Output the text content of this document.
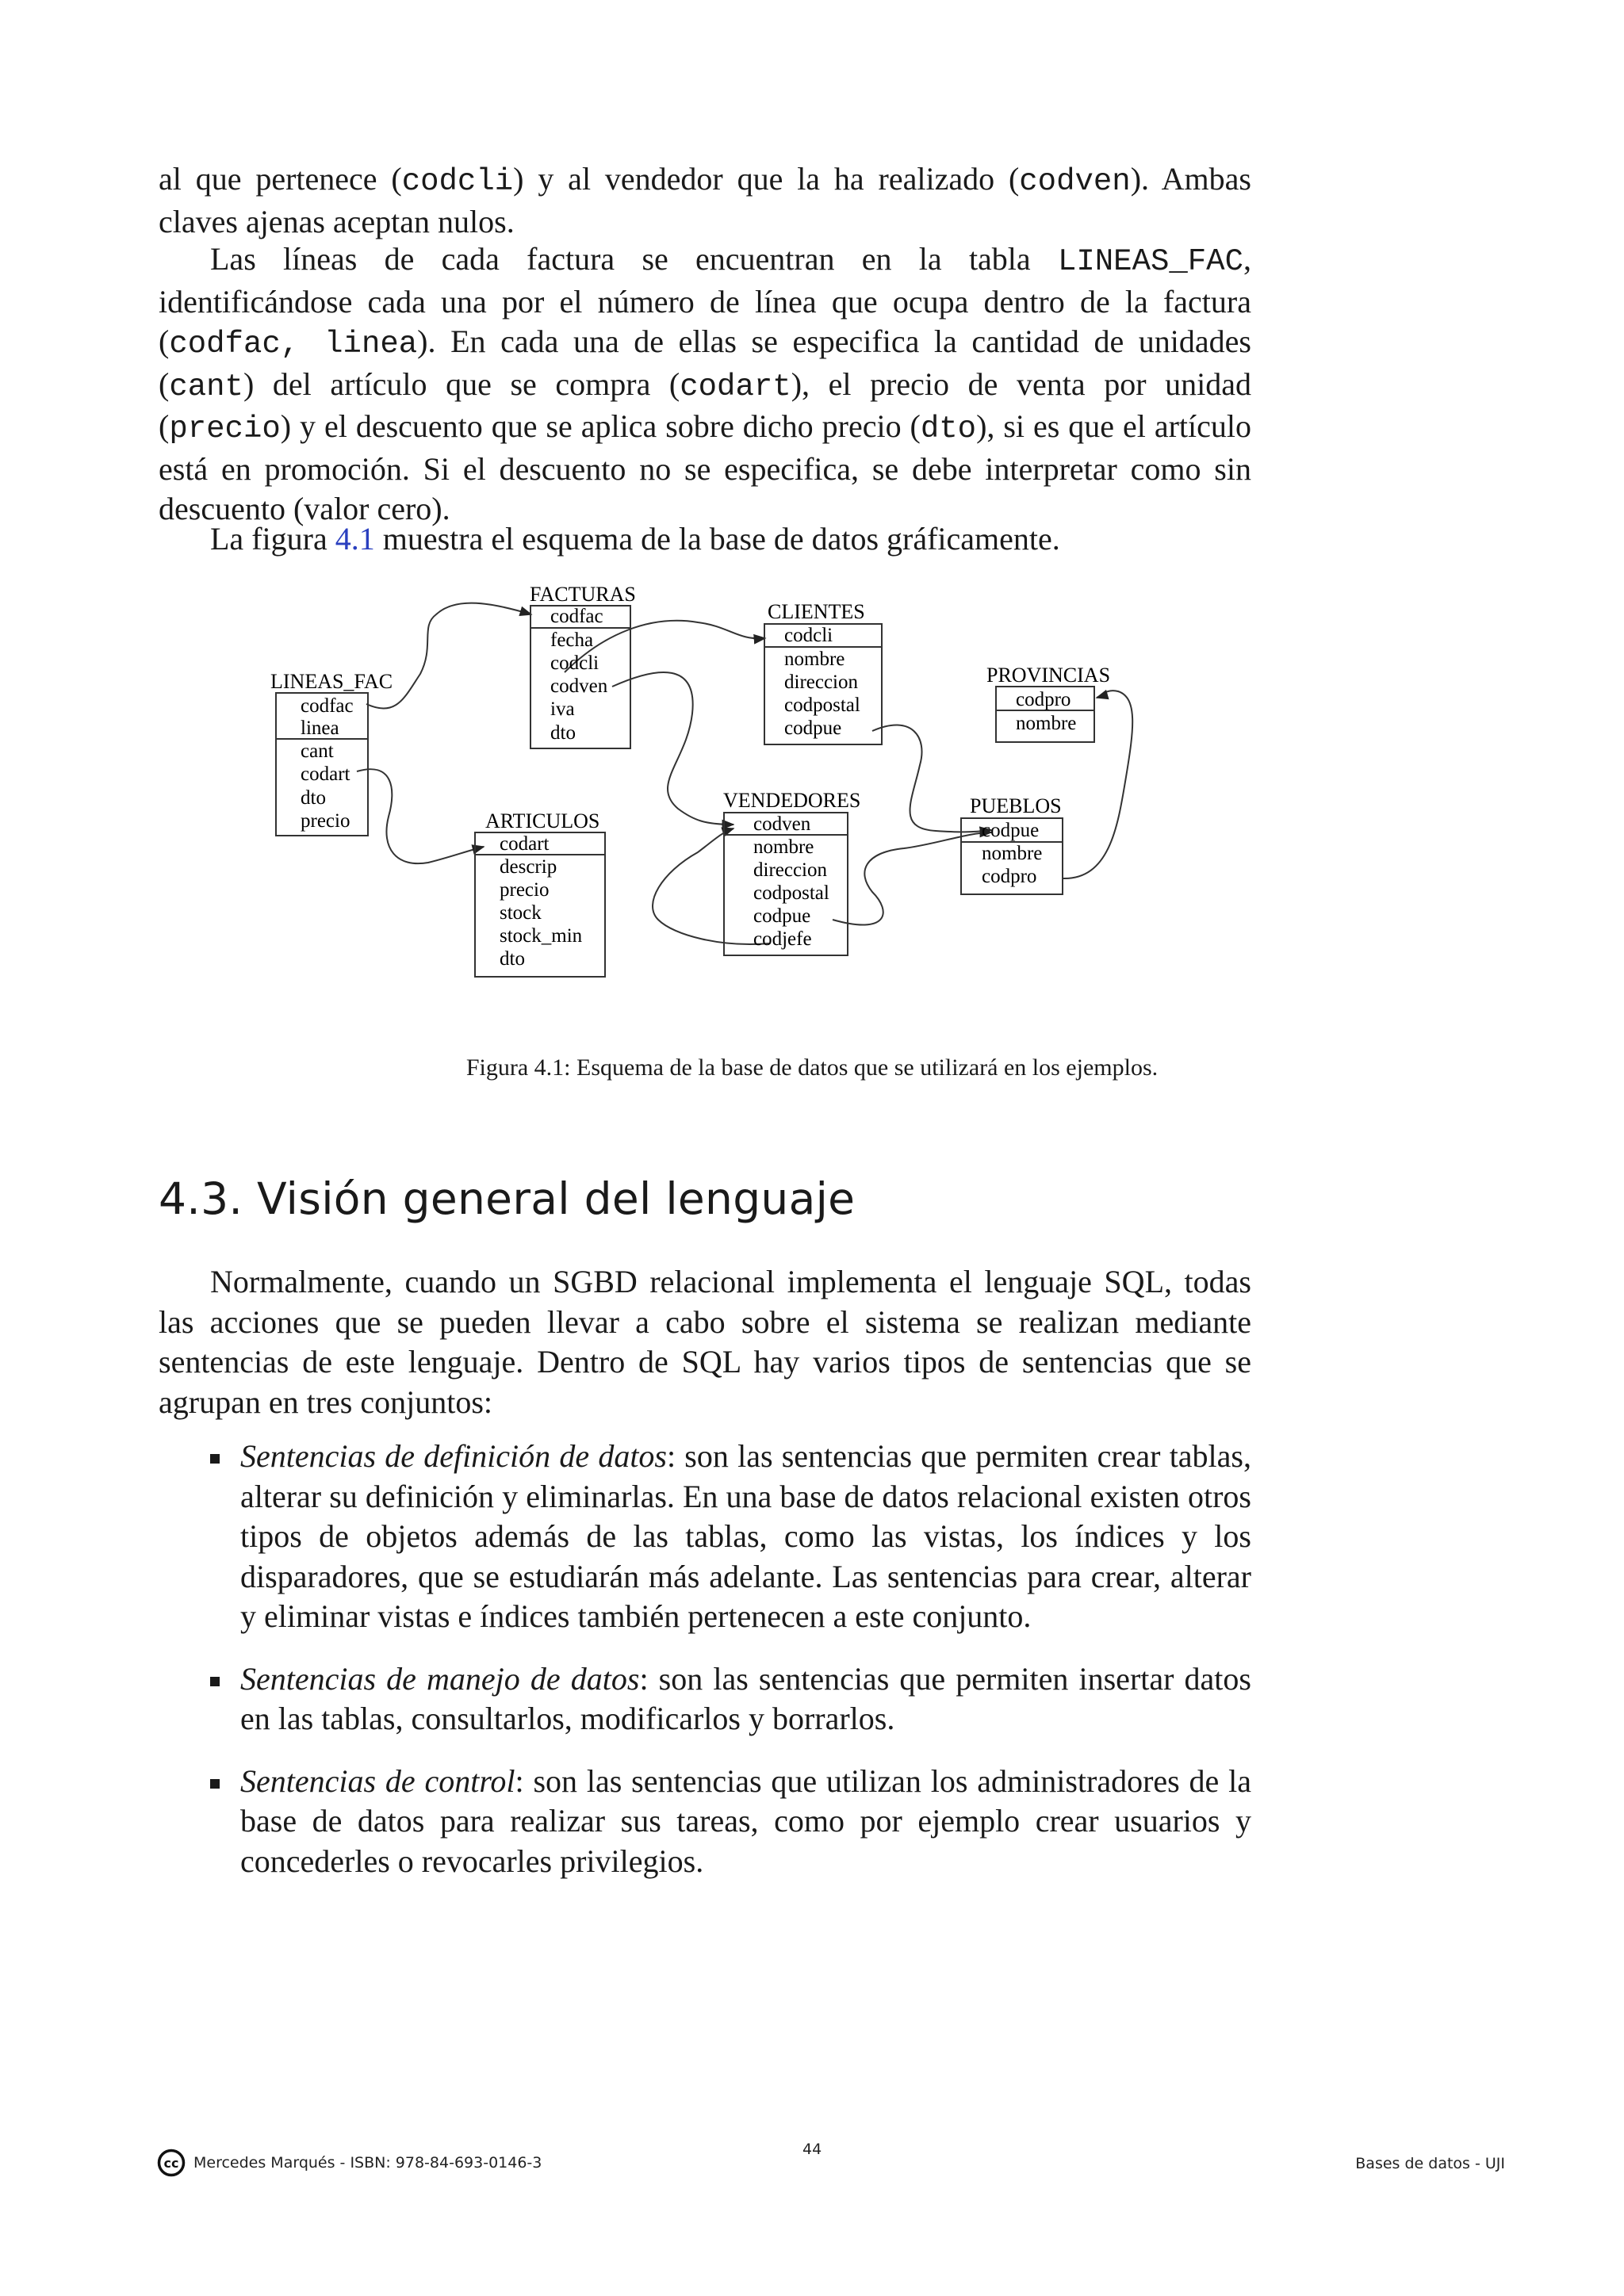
al que pertenece (codcli) y al vendedor que la ha realizado (codven). Ambas claves ajenas aceptan nulos.

Las líneas de cada factura se encuentran en la tabla LINEAS_FAC, identificándose cada una por el número de línea que ocupa dentro de la factura (codfac, linea). En cada una de ellas se especifica la cantidad de unidades (cant) del artículo que se compra (codart), el precio de venta por unidad (precio) y el descuento que se aplica sobre dicho precio (dto), si es que el artículo está en promoción. Si el descuento no se especifica, se debe interpretar como sin descuento (valor cero).

La figura 4.1 muestra el esquema de la base de datos gráficamente.

FACTURAS
codfac
fecha
codcli
codven
iva
dto
CLIENTES
codcli
nombre
direccion
codpostal
codpue
PROVINCIAS
codpro
nombre
LINEAS_FAC
codfac
linea
cant
codart
dto
precio	ARTICULOS
codart
descrip
precio
stock
stock_min
dto
VENDEDORES
codven
nombre
direccion
codpostal
codpue
codjefe
PUEBLOS
codpue
nombre
codpro
Figura 4.1: Esquema de la base de datos que se utilizará en los ejemplos.
4.3. Visión general del lenguaje

Normalmente, cuando un SGBD relacional implementa el lenguaje SQL, todas las acciones que se pueden llevar a cabo sobre el sistema se realizan mediante sentencias de este lenguaje. Dentro de SQL hay varios tipos de sentencias que se agrupan en tres conjuntos:

Sentencias de definición de datos: son las sentencias que permiten crear tablas, alterar su definición y eliminarlas. En una base de datos relacional existen otros tipos de objetos además de las tablas, como las vistas, los índices y los disparadores, que se estudiarán más adelante. Las sentencias para crear, alterar y eliminar vistas e índices también pertenecen a este conjunto.
Sentencias de manejo de datos: son las sentencias que permiten insertar datos en las tablas, consultarlos, modificarlos y borrarlos.
Sentencias de control: son las sentencias que utilizan los administradores de la base de datos para realizar sus tareas, como por ejemplo crear usuarios y concederles o revocarles privilegios.
cc Mercedes Marqués - ISBN: 978-84-693-0146-3
44
Bases de datos - UJI
